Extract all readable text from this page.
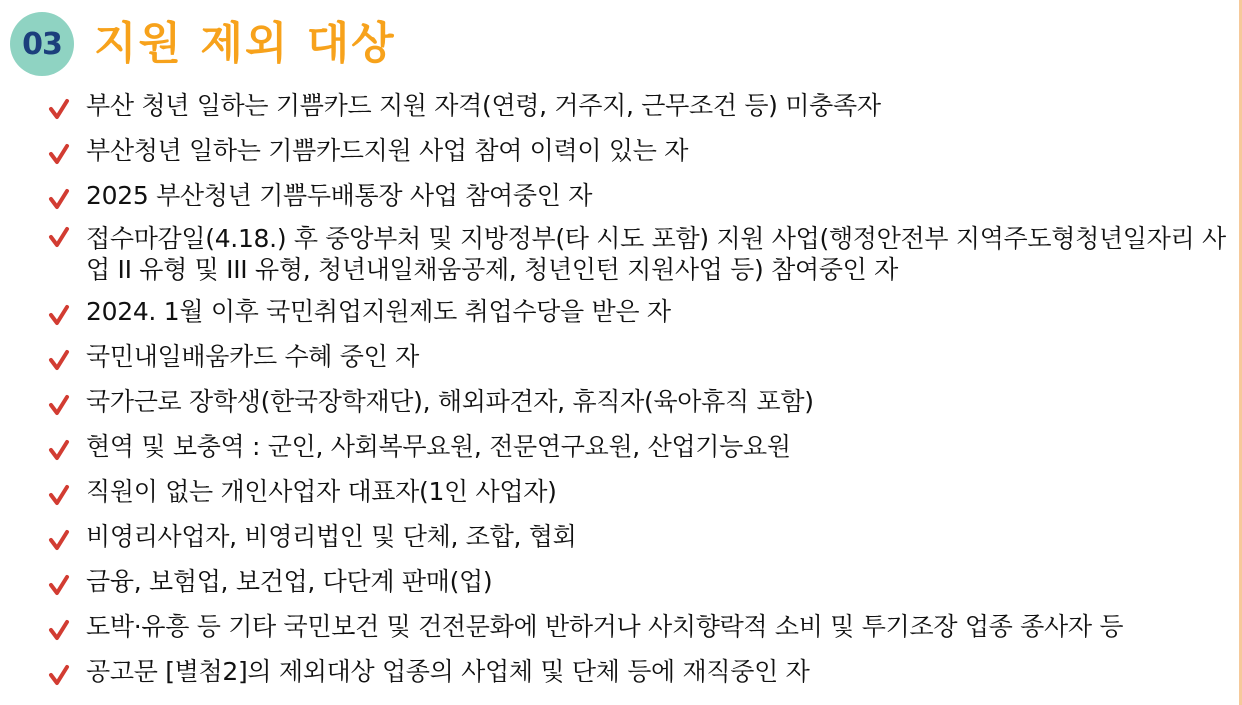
03 지원 제외 대상
부산 청년 일하는 기쁨카드 지원 자격(연령, 거주지, 근무조건 등) 미충족자
부산청년 일하는 기쁨카드지원 사업 참여 이력이 있는 자
2025 부산청년 기쁨두배통장 사업 참여중인 자
접수마감일(4.18.) 후 중앙부처 및 지방정부(타 시도 포함) 지원 사업(행정안전부 지역주도형청년일자리 사업 II 유형 및 III 유형, 청년내일채움공제, 청년인턴 지원사업 등) 참여중인 자
2024. 1월 이후 국민취업지원제도 취업수당을 받은 자
국민내일배움카드 수혜 중인 자
국가근로 장학생(한국장학재단), 해외파견자, 휴직자(육아휴직 포함)
현역 및 보충역 : 군인, 사회복무요원, 전문연구요원, 산업기능요원
직원이 없는 개인사업자 대표자(1인 사업자)
비영리사업자, 비영리법인 및 단체, 조합, 협회
금융, 보험업, 보건업, 다단계 판매(업)
도박·유흥 등 기타 국민보건 및 건전문화에 반하거나 사치향락적 소비 및 투기조장 업종 종사자 등
공고문 [별첨2]의 제외대상 업종의 사업체 및 단체 등에 재직중인 자
